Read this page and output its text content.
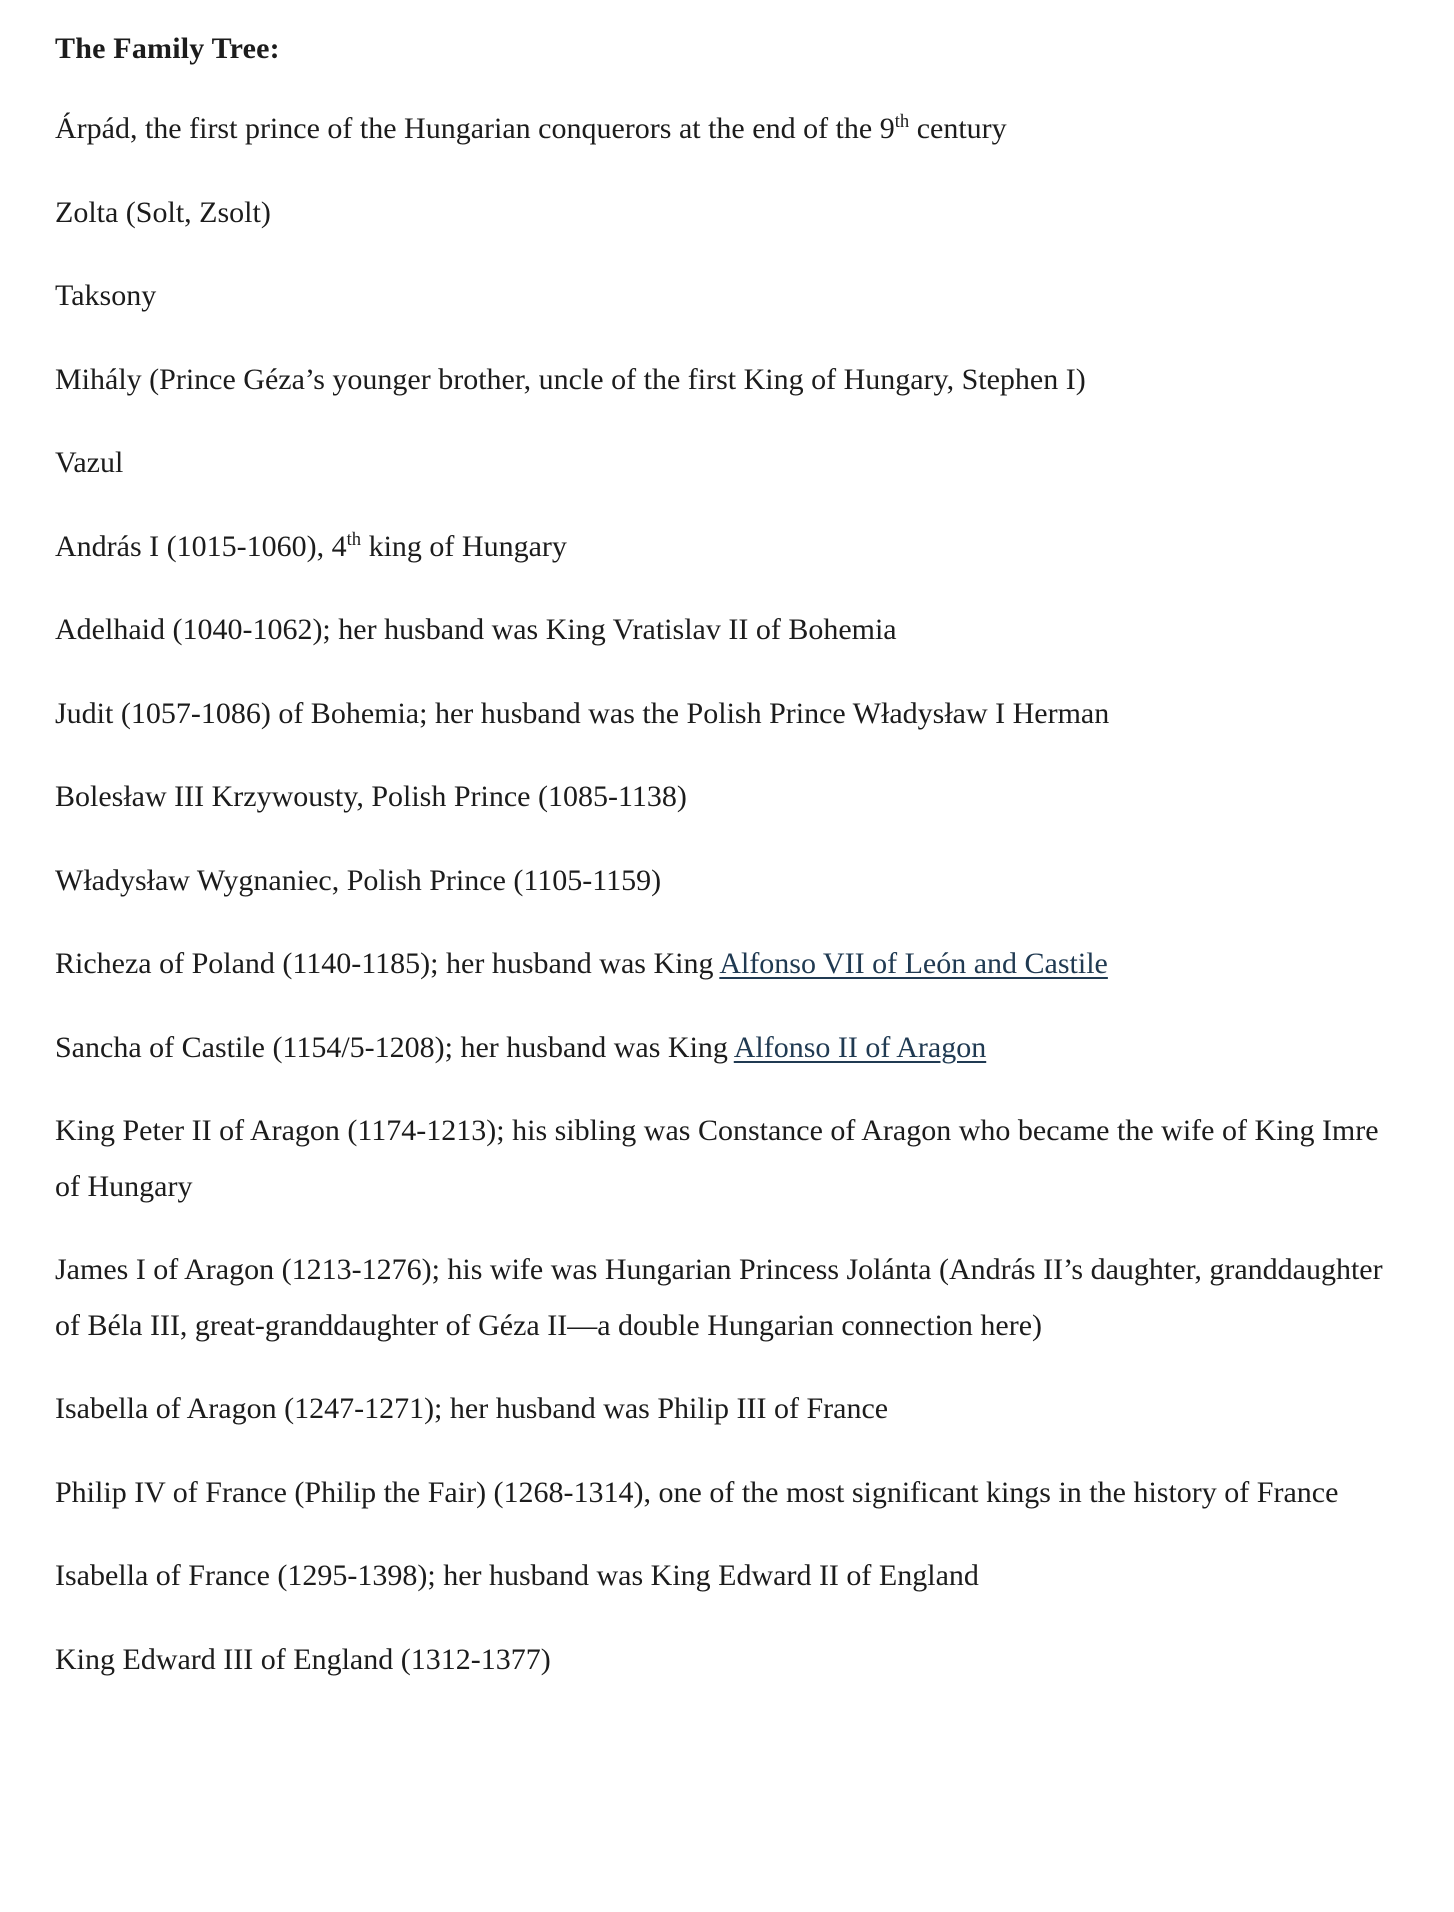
The Family Tree:

Árpád, the first prince of the Hungarian conquerors at the end of the 9th century

Zolta (Solt, Zsolt)

Taksony

Mihály (Prince Géza’s younger brother, uncle of the first King of Hungary, Stephen I)

Vazul

András I (1015-1060), 4th king of Hungary

Adelhaid (1040-1062); her husband was King Vratislav II of Bohemia

Judit (1057-1086) of Bohemia; her husband was the Polish Prince Władysław I Herman

Bolesław III Krzywousty, Polish Prince (1085-1138)

Władysław Wygnaniec, Polish Prince (1105-1159)

Richeza of Poland (1140-1185); her husband was King Alfonso VII of León and Castile

Sancha of Castile (1154/5-1208); her husband was King Alfonso II of Aragon

King Peter II of Aragon (1174-1213); his sibling was Constance of Aragon who became the wife of King Imre of Hungary

James I of Aragon (1213-1276); his wife was Hungarian Princess Jolánta (András II’s daughter, granddaughter of Béla III, great-granddaughter of Géza II—a double Hungarian connection here)

Isabella of Aragon (1247-1271); her husband was Philip III of France

Philip IV of France (Philip the Fair) (1268-1314), one of the most significant kings in the history of France

Isabella of France (1295-1398); her husband was King Edward II of England

King Edward III of England (1312-1377)
